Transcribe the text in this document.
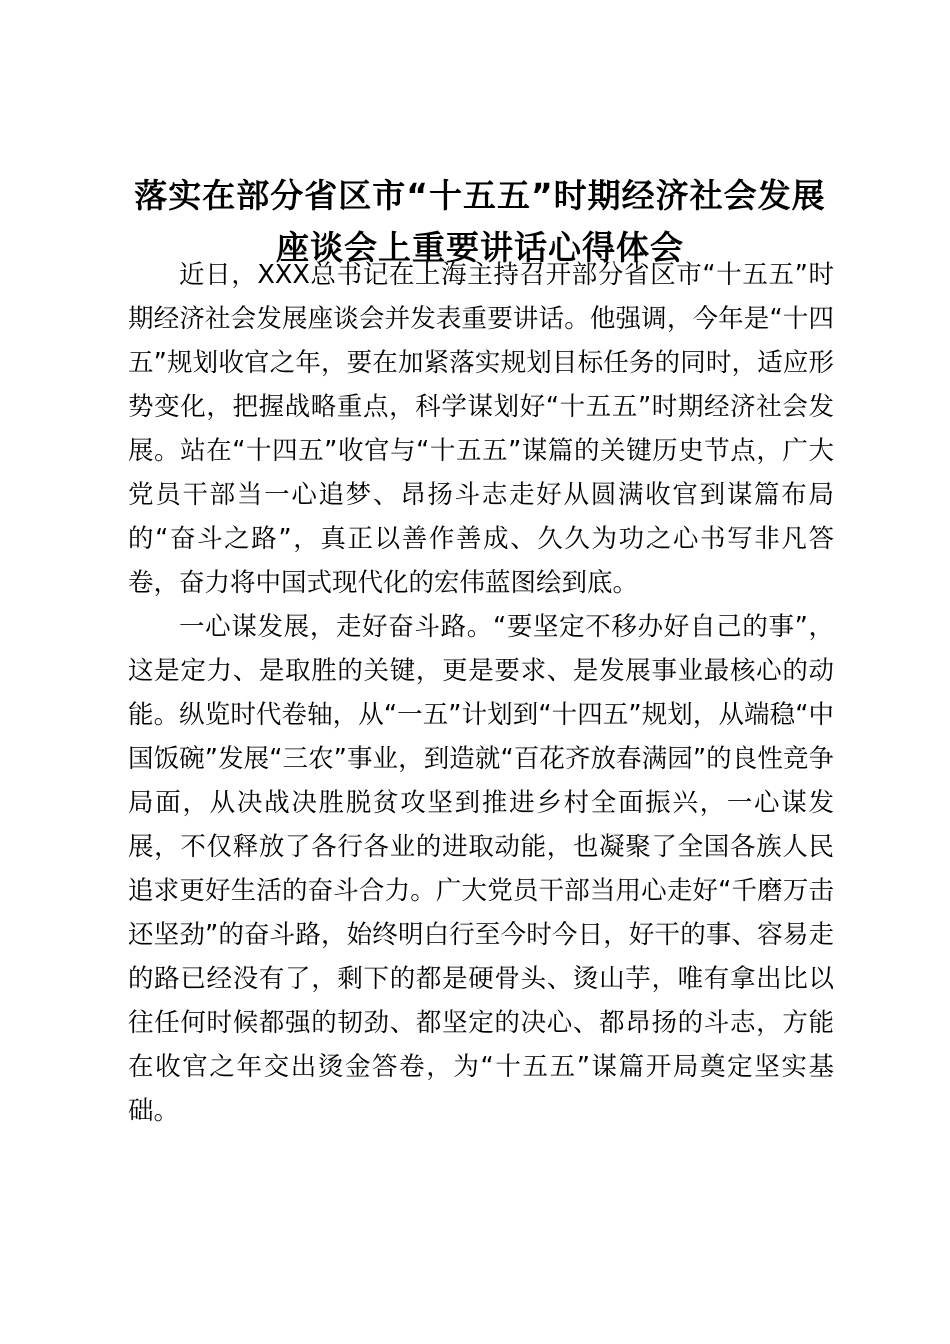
落实在部分省区市“十五五”时期经济社会发展座谈会上重要讲话心得体会

近日，XXX总书记在上海主持召开部分省区市“十五五”时期经济社会发展座谈会并发表重要讲话。他强调，今年是“十四五”规划收官之年，要在加紧落实规划目标任务的同时，适应形势变化，把握战略重点，科学谋划好“十五五”时期经济社会发展。站在“十四五”收官与“十五五”谋篇的关键历史节点，广大党员干部当一心追梦、昂扬斗志走好从圆满收官到谋篇布局的“奋斗之路”，真正以善作善成、久久为功之心书写非凡答卷，奋力将中国式现代化的宏伟蓝图绘到底。

一心谋发展，走好奋斗路。“要坚定不移办好自己的事”，这是定力、是取胜的关键，更是要求、是发展事业最核心的动能。纵览时代卷轴，从“一五”计划到“十四五”规划，从端稳“中国饭碗”发展“三农”事业，到造就“百花齐放春满园”的良性竞争局面，从决战决胜脱贫攻坚到推进乡村全面振兴，一心谋发展，不仅释放了各行各业的进取动能，也凝聚了全国各族人民追求更好生活的奋斗合力。广大党员干部当用心走好“千磨万击还坚劲”的奋斗路，始终明白行至今时今日，好干的事、容易走的路已经没有了，剩下的都是硬骨头、烫山芋，唯有拿出比以往任何时候都强的韧劲、都坚定的决心、都昂扬的斗志，方能在收官之年交出烫金答卷，为“十五五”谋篇开局奠定坚实基础。
